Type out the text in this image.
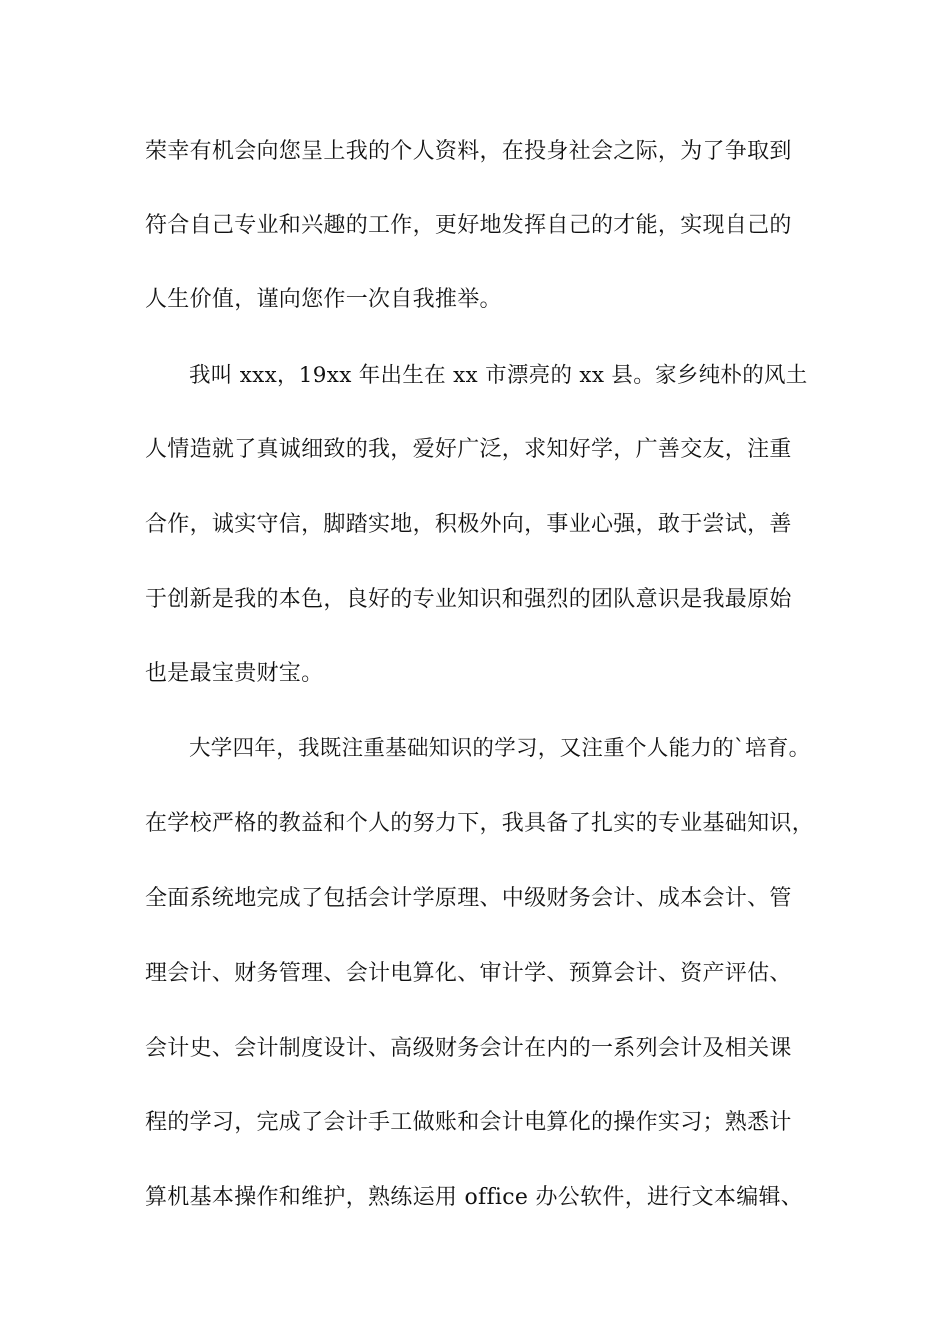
荣幸有机会向您呈上我的个人资料，在投身社会之际，为了争取到
符合自己专业和兴趣的工作，更好地发挥自己的才能，实现自己的
人生价值，谨向您作一次自我推举。
我叫 xxx，19xx 年出生在 xx 市漂亮的 xx 县。家乡纯朴的风土
人情造就了真诚细致的我，爱好广泛，求知好学，广善交友，注重
合作，诚实守信，脚踏实地，积极外向，事业心强，敢于尝试，善
于创新是我的本色，良好的专业知识和强烈的团队意识是我最原始
也是最宝贵财宝。
大学四年，我既注重基础知识的学习，又注重个人能力的`培育。
在学校严格的教益和个人的努力下，我具备了扎实的专业基础知识，
全面系统地完成了包括会计学原理、中级财务会计、成本会计、管
理会计、财务管理、会计电算化、审计学、预算会计、资产评估、
会计史、会计制度设计、高级财务会计在内的一系列会计及相关课
程的学习，完成了会计手工做账和会计电算化的操作实习；熟悉计
算机基本操作和维护，熟练运用 office 办公软件，进行文本编辑、
